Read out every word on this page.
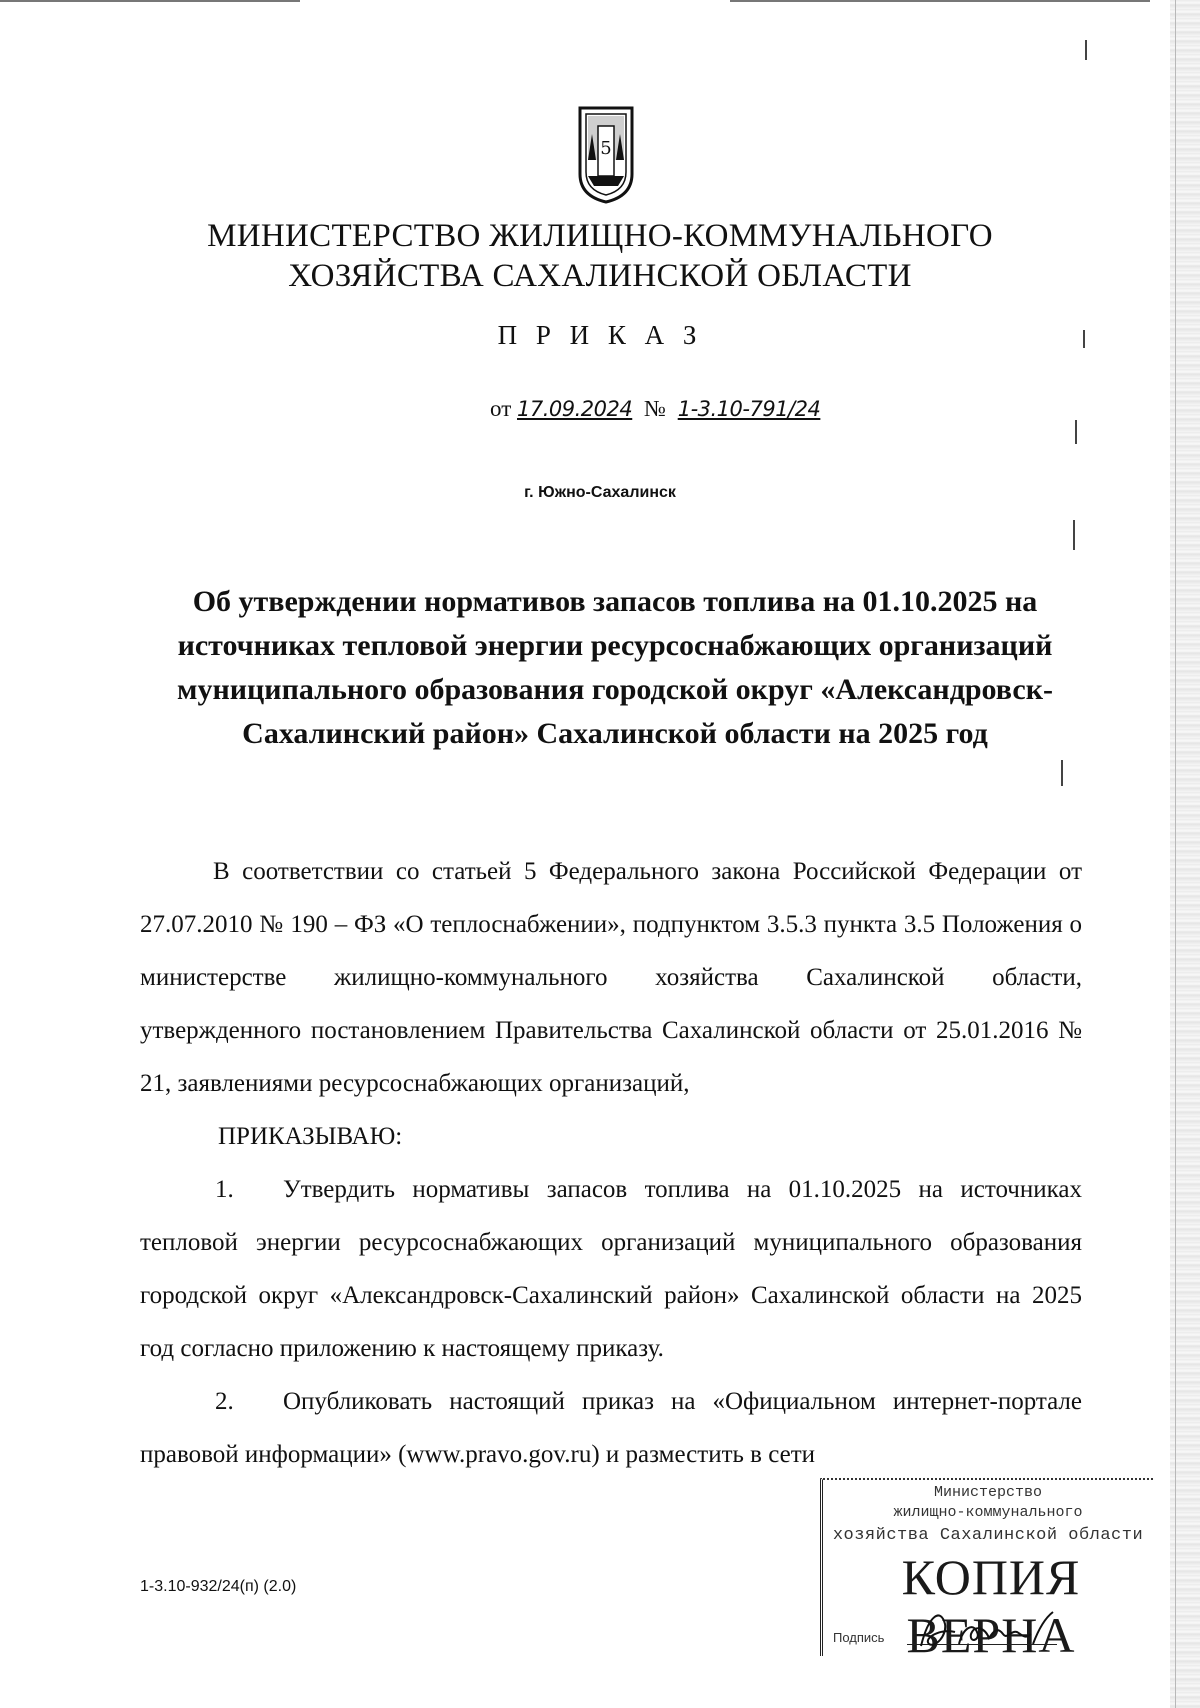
5
МИНИСТЕРСТВО ЖИЛИЩНО-КОММУНАЛЬНОГО
ХОЗЯЙСТВА САХАЛИНСКОЙ ОБЛАСТИ
П Р И К А З
от 17.09.2024 № 1-3.10-791/24
г. Южно-Сахалинск
Об утверждении нормативов запасов топлива на 01.10.2025 на источниках тепловой энергии ресурсоснабжающих организаций муниципального образования городской округ «Александровск-Сахалинский район» Сахалинской области на 2025 год

В соответствии со статьей 5 Федерального закона Российской Федерации от 27.07.2010 № 190 – ФЗ «О теплоснабжении», подпунктом 3.5.3 пункта 3.5 Положения о министерстве жилищно-коммунального хозяйства Сахалинской области, утвержденного постановлением Правительства Сахалинской области от 25.01.2016 № 21, заявлениями ресурсоснабжающих организаций,

ПРИКАЗЫВАЮ:

1. Утвердить нормативы запасов топлива на 01.10.2025 на источниках тепловой энергии ресурсоснабжающих организаций муниципального образования городской округ «Александровск-Сахалинский район» Сахалинской области на 2025 год согласно приложению к настоящему приказу.

2. Опубликовать настоящий приказ на «Официальном интернет-портале правовой информации» (www.pravo.gov.ru) и разместить в сети

1-3.10-932/24(п) (2.0)
Министерство
жилищно-коммунального
хозяйства Сахалинской области
КОПИЯ ВЕРНА
Подпись
